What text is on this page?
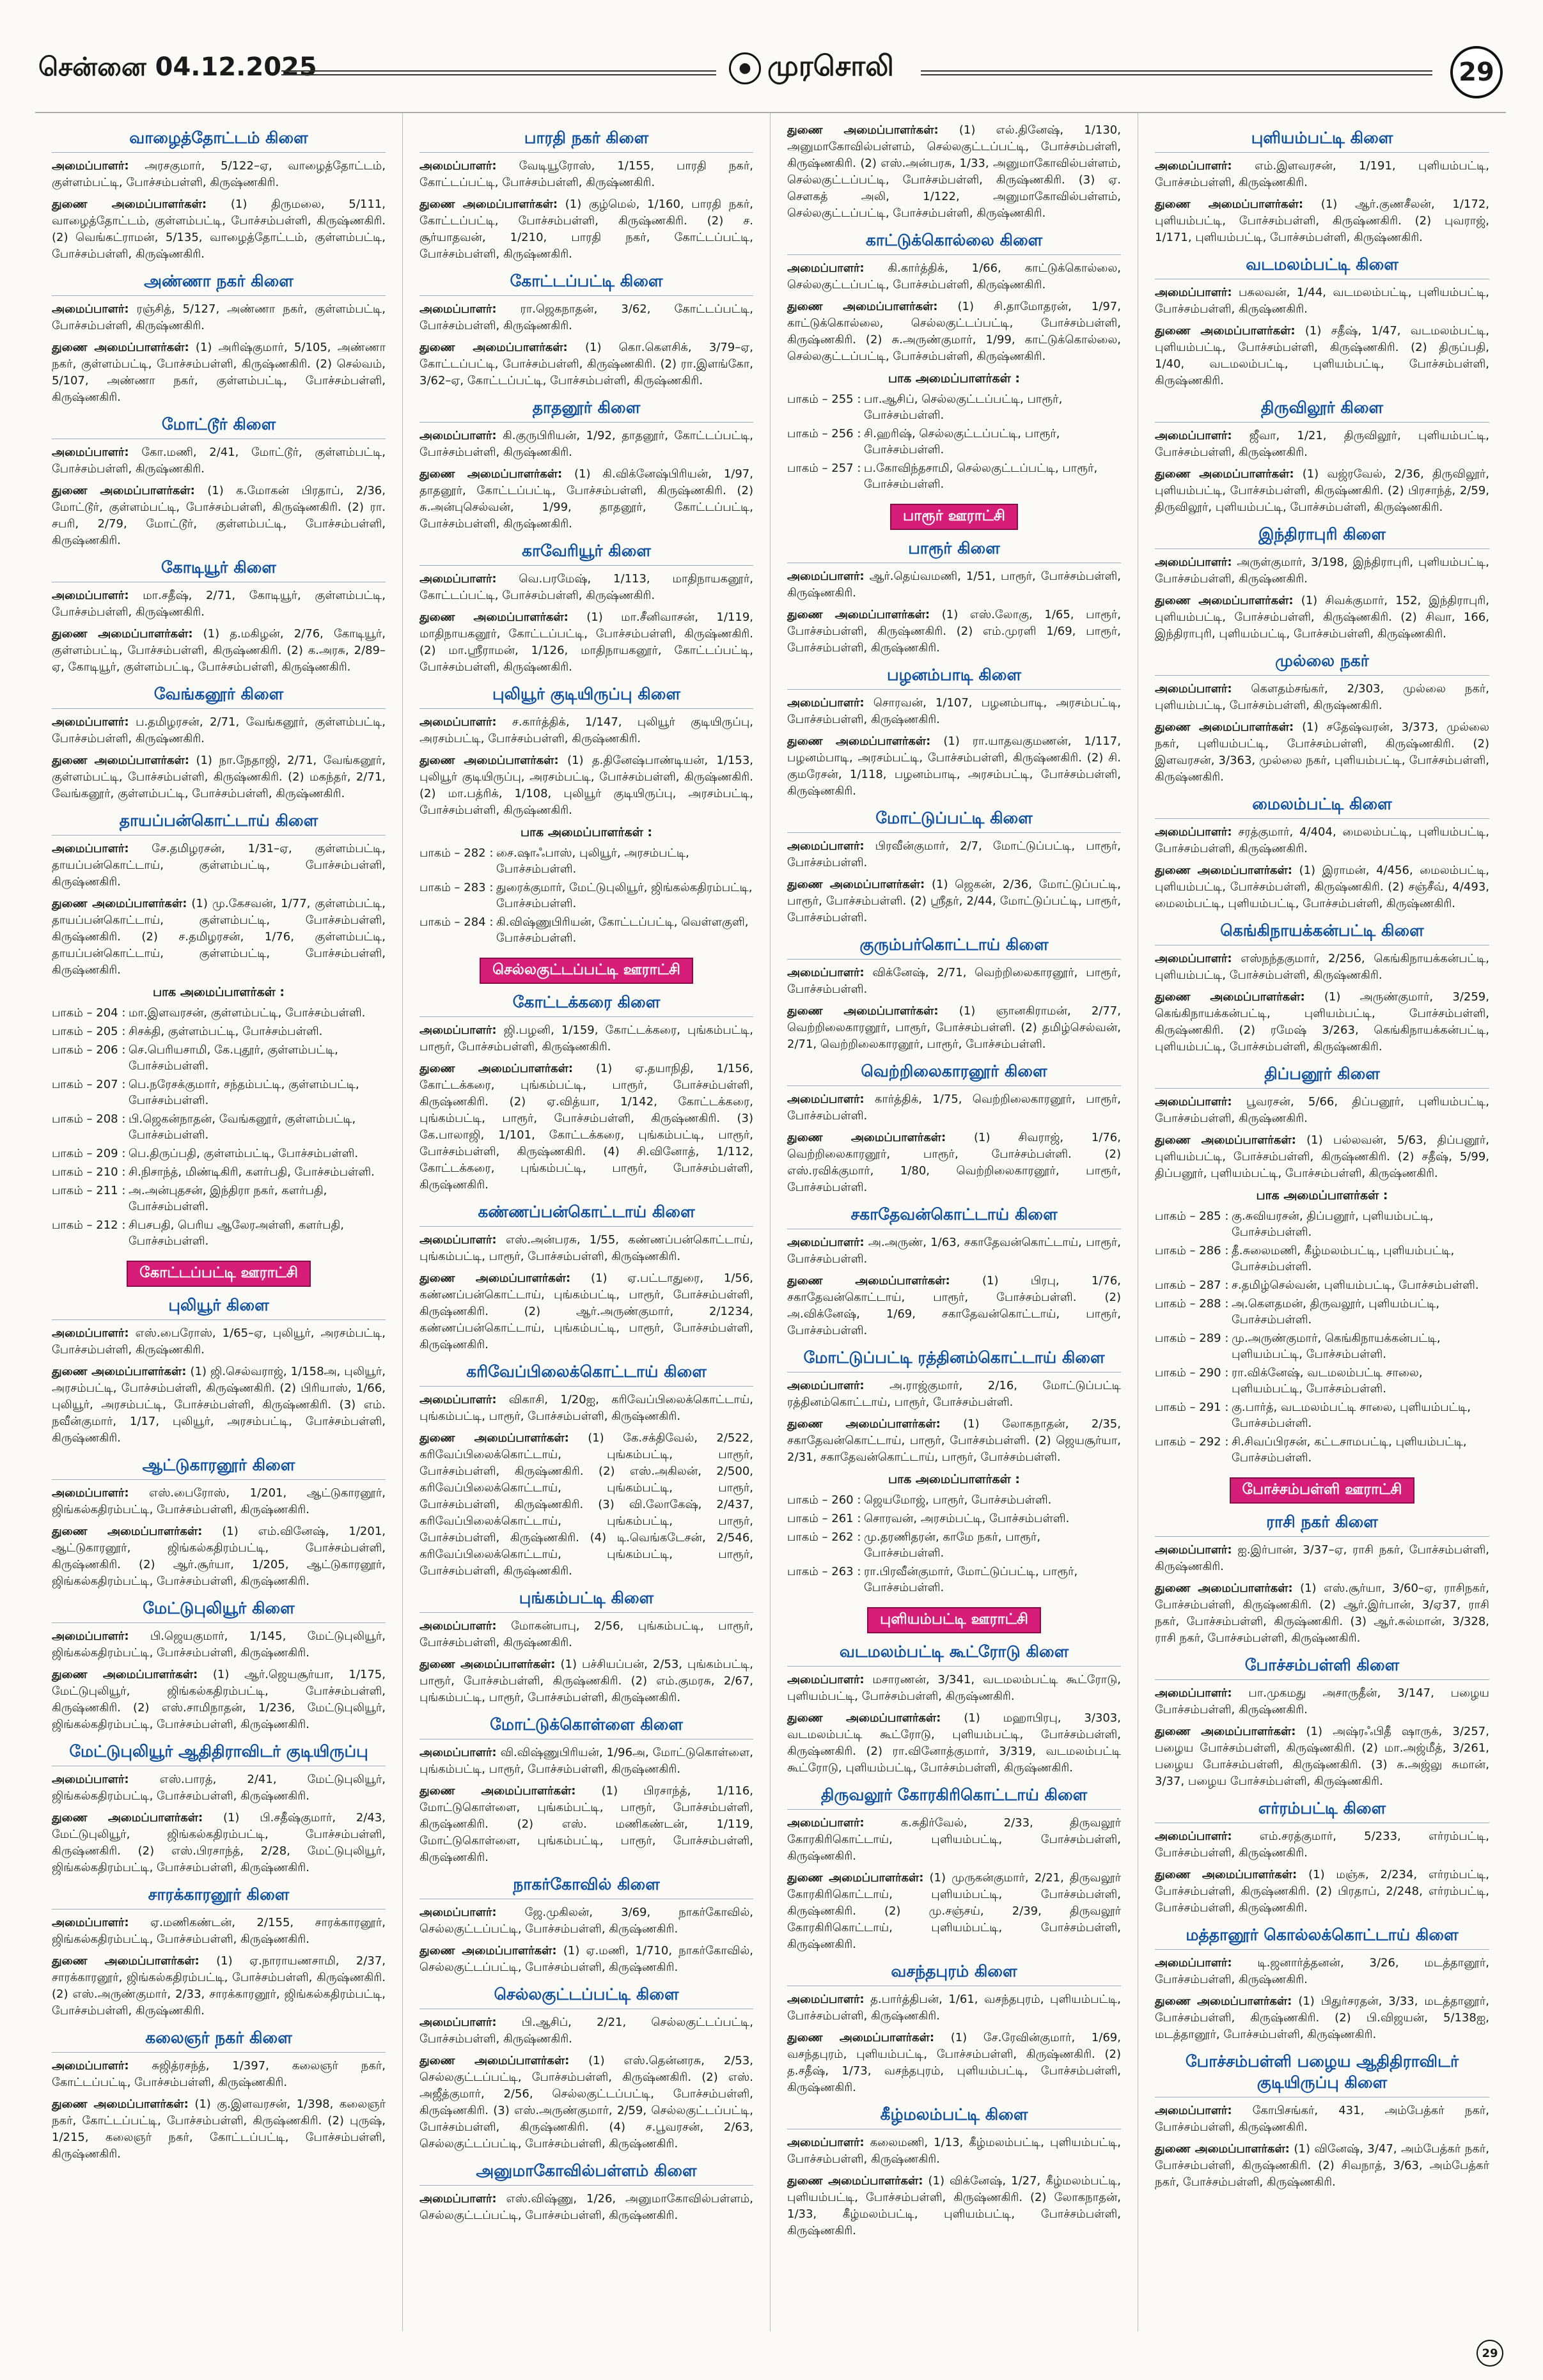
சென்னை 04.12.2025	● முரசொலி	29
வாழைத்தோட்டம் கிளை
அமைப்பாளர்: அரசகுமார், 5/122–ஏ, வாழைத்தோட்டம், குள்ளம்பட்டி, போச்சம்பள்ளி, கிருஷ்ணகிரி.
துணை அமைப்பாளர்கள்: (1) திருமலை, 5/111, வாழைத்தோட்டம், குள்ளம்பட்டி, போச்சம்பள்ளி, கிருஷ்ணகிரி. (2) வெங்கட்ராமன், 5/135, வாழைத்தோட்டம், குள்ளம்பட்டி, போச்சம்பள்ளி, கிருஷ்ணகிரி.
அண்ணா நகர் கிளை
அமைப்பாளர்: ரஞ்சித், 5/127, அண்ணா நகர், குள்ளம்பட்டி, போச்சம்பள்ளி, கிருஷ்ணகிரி.
துணை அமைப்பாளர்கள்: (1) அரிஷ்குமார், 5/105, அண்ணா நகர், குள்ளம்பட்டி, போச்சம்பள்ளி, கிருஷ்ணகிரி. (2) செல்வம், 5/107, அண்ணா நகர், குள்ளம்பட்டி, போச்சம்பள்ளி, கிருஷ்ணகிரி.
மோட்டூர் கிளை
அமைப்பாளர்: கோ.மணி, 2/41, மோட்டூர், குள்ளம்பட்டி, போச்சம்பள்ளி, கிருஷ்ணகிரி.
துணை அமைப்பாளர்கள்: (1) க.மோகன் பிரதாப், 2/36, மோட்டூர், குள்ளம்பட்டி, போச்சம்பள்ளி, கிருஷ்ணகிரி. (2) ரா. சபரி, 2/79, மோட்டூர், குள்ளம்பட்டி, போச்சம்பள்ளி, கிருஷ்ணகிரி.
கோடியூர் கிளை
அமைப்பாளர்: மா.சதீஷ், 2/71, கோடியூர், குள்ளம்பட்டி, போச்சம்பள்ளி, கிருஷ்ணகிரி.
துணை அமைப்பாளர்கள்: (1) த.மகிழன், 2/76, கோடியூர், குள்ளம்பட்டி, போச்சம்பள்ளி, கிருஷ்ணகிரி. (2) க.அரசு, 2/89–ஏ, கோடியூர், குள்ளம்பட்டி, போச்சம்பள்ளி, கிருஷ்ணகிரி.
வேங்கனூர் கிளை
அமைப்பாளர்: ப.தமிழரசன், 2/71, வேங்கனூர், குள்ளம்பட்டி, போச்சம்பள்ளி, கிருஷ்ணகிரி.
துணை அமைப்பாளர்கள்: (1) நா.நேதாஜி, 2/71, வேங்கனூர், குள்ளம்பட்டி, போச்சம்பள்ளி, கிருஷ்ணகிரி. (2) மகந்தர், 2/71, வேங்கனூர், குள்ளம்பட்டி, போச்சம்பள்ளி, கிருஷ்ணகிரி.
தாயப்பன்கொட்டாய் கிளை
அமைப்பாளர்: சே.தமிழரசன், 1/31–ஏ, குள்ளம்பட்டி, தாயப்பன்கொட்டாய், குள்ளம்பட்டி, போச்சம்பள்ளி, கிருஷ்ணகிரி.
துணை அமைப்பாளர்கள்: (1) மு.கேசவன், 1/77, குள்ளம்பட்டி, தாயப்பன்கொட்டாய், குள்ளம்பட்டி, போச்சம்பள்ளி, கிருஷ்ணகிரி. (2) ச.தமிழரசன், 1/76, குள்ளம்பட்டி, தாயப்பன்கொட்டாய், குள்ளம்பட்டி, போச்சம்பள்ளி, கிருஷ்ணகிரி.
பாக அமைப்பாளர்கள் :
பாகம் – 204 : மா.இளவரசன், குள்ளம்பட்டி, போச்சம்பள்ளி.
பாகம் – 205 : சிசக்தி, குள்ளம்பட்டி, போச்சம்பள்ளி.
பாகம் – 206 : செ.பெரியசாமி, கே.புதூர், குள்ளம்பட்டி, போச்சம்பள்ளி.
பாகம் – 207 : பெ.நரேசக்குமார், சந்தம்பட்டி, குள்ளம்பட்டி, போச்சம்பள்ளி.
பாகம் – 208 : பி.ஜெகன்நாதன், வேங்கனூர், குள்ளம்பட்டி, போச்சம்பள்ளி.
பாகம் – 209 : பெ.திருப்பதி, குள்ளம்பட்டி, போச்சம்பள்ளி.
பாகம் – 210 : சி.நிசாந்த், மிண்டிகிரி, களர்பதி, போச்சம்பள்ளி.
பாகம் – 211 : அ.அன்புதசன், இந்திரா நகர், களர்பதி, போச்சம்பள்ளி.
பாகம் – 212 : சிபசபதி, பெரிய ஆலேரஅள்ளி, களர்பதி, போச்சம்பள்ளி.
கோட்டப்பட்டி ஊராட்சி
புலியூர் கிளை
அமைப்பாளர்: எஸ்.பைரோஸ், 1/65–ஏ, புலியூர், அரசம்பட்டி, போச்சம்பள்ளி, கிருஷ்ணகிரி.
துணை அமைப்பாளர்கள்: (1) ஜி.செல்வராஜ், 1/158அ, புலியூர், அரசம்பட்டி, போச்சம்பள்ளி, கிருஷ்ணகிரி. (2) பிரியாஸ், 1/66, புலியூர், அரசம்பட்டி, போச்சம்பள்ளி, கிருஷ்ணகிரி. (3) எம். நவீன்குமார், 1/17, புலியூர், அரசம்பட்டி, போச்சம்பள்ளி, கிருஷ்ணகிரி.
ஆட்டுகாரனூர் கிளை
அமைப்பாளர்: எஸ்.பைரோஸ், 1/201, ஆட்டுகாரனூர், ஜிங்கல்கதிரம்பட்டி, போச்சம்பள்ளி, கிருஷ்ணகிரி.
துணை அமைப்பாளர்கள்: (1) எம்.வினேஷ், 1/201, ஆட்டுகாரனூர், ஜிங்கல்கதிரம்பட்டி, போச்சம்பள்ளி, கிருஷ்ணகிரி. (2) ஆர்.சூர்யா, 1/205, ஆட்டுகாரனூர், ஜிங்கல்கதிரம்பட்டி, போச்சம்பள்ளி, கிருஷ்ணகிரி.
மேட்டுபுலியூர் கிளை
அமைப்பாளர்: பி.ஜெயகுமார், 1/145, மேட்டுபுலியூர், ஜிங்கல்கதிரம்பட்டி, போச்சம்பள்ளி, கிருஷ்ணகிரி.
துணை அமைப்பாளர்கள்: (1) ஆர்.ஜெயசூர்யா, 1/175, மேட்டுபுலியூர், ஜிங்கல்கதிரம்பட்டி, போச்சம்பள்ளி, கிருஷ்ணகிரி. (2) எஸ்.சாமிநாதன், 1/236, மேட்டுபுலியூர், ஜிங்கல்கதிரம்பட்டி, போச்சம்பள்ளி, கிருஷ்ணகிரி.
மேட்டுபுலியூர் ஆதிதிராவிடர் குடியிருப்பு
அமைப்பாளர்:	எஸ்.பாரத், 2/41, மேட்டுபுலியூர், ஜிங்கல்கதிரம்பட்டி, போச்சம்பள்ளி, கிருஷ்ணகிரி.
துணை அமைப்பாளர்கள்: (1) பி.சதீஷ்குமார், 2/43, மேட்டுபுலியூர், ஜிங்கல்கதிரம்பட்டி, போச்சம்பள்ளி, கிருஷ்ணகிரி. (2) எஸ்.பிரசாந்த், 2/28, மேட்டுபுலியூர், ஜிங்கல்கதிரம்பட்டி, போச்சம்பள்ளி, கிருஷ்ணகிரி.
சாரக்காரனூர் கிளை
அமைப்பாளர்: ஏ.மணிகண்டன், 2/155, சாரக்காரனூர், ஜிங்கல்கதிரம்பட்டி, போச்சம்பள்ளி, கிருஷ்ணகிரி.
துணை அமைப்பாளர்கள்: (1) ஏ.நாராயணசாமி, 2/37, சாரக்காரனூர், ஜிங்கல்கதிரம்பட்டி, போச்சம்பள்ளி, கிருஷ்ணகிரி. (2) எஸ்.அருண்குமார், 2/33, சாரக்காரனூர், ஜிங்கல்கதிரம்பட்டி, போச்சம்பள்ளி, கிருஷ்ணகிரி.
கலைஞர் நகர் கிளை
அமைப்பாளர்: சுஜித்ரசந்த், 1/397, கலைஞர் நகர், கோட்டப்பட்டி, போச்சம்பள்ளி, கிருஷ்ணகிரி.
துணை அமைப்பாளர்கள்: (1) கு.இளவரசன், 1/398, கலைஞர் நகர், கோட்டப்பட்டி, போச்சம்பள்ளி, கிருஷ்ணகிரி. (2) புருஷ், 1/215, கலைஞர் நகர், கோட்டப்பட்டி, போச்சம்பள்ளி, கிருஷ்ணகிரி.
பாரதி நகர் கிளை
அமைப்பாளர்: வேடியூரோஸ், 1/155, பாரதி நகர், கோட்டப்பட்டி, போச்சம்பள்ளி, கிருஷ்ணகிரி.
துணை அமைப்பாளர்கள்: (1) குழ்மெல், 1/160, பாரதி நகர், கோட்டப்பட்டி, போச்சம்பள்ளி, கிருஷ்ணகிரி. (2) ச. சூர்யாதவன், 1/210, பாரதி நகர், கோட்டப்பட்டி, போச்சம்பள்ளி, கிருஷ்ணகிரி.
கோட்டப்பட்டி கிளை
அமைப்பாளர்: ரா.ஜெகநாதன், 3/62, கோட்டப்பட்டி, போச்சம்பள்ளி, கிருஷ்ணகிரி.
துணை அமைப்பாளர்கள்: (1) கொ.கௌசிக், 3/79–ஏ, கோட்டப்பட்டி, போச்சம்பள்ளி, கிருஷ்ணகிரி. (2) ரா.இளங்கோ, 3/62–ஏ, கோட்டப்பட்டி, போச்சம்பள்ளி, கிருஷ்ணகிரி.
தாதனூர் கிளை
அமைப்பாளர்: கி.குருபிரியன், 1/92, தாதனூர், கோட்டப்பட்டி, போச்சம்பள்ளி, கிருஷ்ணகிரி.
துணை அமைப்பாளர்கள்: (1) கி.விக்னேஷ்பிரியன், 1/97, தாதனூர், கோட்டப்பட்டி, போச்சம்பள்ளி, கிருஷ்ணகிரி. (2) சு.அன்புசெல்வன், 1/99, தாதனூர், கோட்டப்பட்டி, போச்சம்பள்ளி, கிருஷ்ணகிரி.
காவேரியூர் கிளை
அமைப்பாளர்: வெ.பரமேஷ், 1/113, மாதிநாயகனூர், கோட்டப்பட்டி, போச்சம்பள்ளி, கிருஷ்ணகிரி.
துணை அமைப்பாளர்கள்: (1) மா.சீனிவாசன், 1/119, மாதிநாயகனூர், கோட்டப்பட்டி, போச்சம்பள்ளி, கிருஷ்ணகிரி. (2) மா.ஸ்ரீராமன், 1/126, மாதிநாயகனூர், கோட்டப்பட்டி, போச்சம்பள்ளி, கிருஷ்ணகிரி.
புலியூர் குடியிருப்பு கிளை
அமைப்பாளர்: ச.கார்த்திக், 1/147, புலியூர் குடியிருப்பு, அரசம்பட்டி, போச்சம்பள்ளி, கிருஷ்ணகிரி.
துணை அமைப்பாளர்கள்: (1) த.தினேஷ்பாண்டியன், 1/153, புலியூர் குடியிருப்பு, அரசம்பட்டி, போச்சம்பள்ளி, கிருஷ்ணகிரி. (2) மா.பத்ரிக், 1/108, புலியூர் குடியிருப்பு, அரசம்பட்டி, போச்சம்பள்ளி, கிருஷ்ணகிரி.
பாக அமைப்பாளர்கள் :
பாகம் – 282 : சை.ஷாஃபாஸ், புலியூர், அரசம்பட்டி, போச்சம்பள்ளி.
பாகம் – 283 : துரைக்குமார், மேட்டுபுலியூர், ஜிங்கல்கதிரம்பட்டி, போச்சம்பள்ளி.
பாகம் – 284 : கி.விஷ்ணுபிரியன், கோட்டப்பட்டி, வெள்ளகுளி, போச்சம்பள்ளி.
செல்லகுட்டப்பட்டி ஊராட்சி
கோட்டக்கரை கிளை
அமைப்பாளர்: ஜி.பழனி, 1/159, கோட்டக்கரை, புங்கம்பட்டி, பாரூர், போச்சம்பள்ளி, கிருஷ்ணகிரி.
துணை அமைப்பாளர்கள்: (1) ஏ.தயாநிதி, 1/156, கோட்டக்கரை, புங்கம்பட்டி, பாரூர், போச்சம்பள்ளி, கிருஷ்ணகிரி. (2) ஏ.வித்யா, 1/142, கோட்டக்கரை, புங்கம்பட்டி, பாரூர், போச்சம்பள்ளி, கிருஷ்ணகிரி. (3) கே.பாலாஜி, 1/101, கோட்டக்கரை, புங்கம்பட்டி, பாரூர், போச்சம்பள்ளி, கிருஷ்ணகிரி. (4) சி.வினோத், 1/112, கோட்டக்கரை, புங்கம்பட்டி, பாரூர், போச்சம்பள்ளி, கிருஷ்ணகிரி.
கண்ணப்பன்கொட்டாய் கிளை
அமைப்பாளர்: எஸ்.அன்பரசு, 1/55, கண்ணப்பன்கொட்டாய், புங்கம்பட்டி, பாரூர், போச்சம்பள்ளி, கிருஷ்ணகிரி.
துணை அமைப்பாளர்கள்: (1) ஏ.பட்டாதுரை, 1/56, கண்ணப்பன்கொட்டாய், புங்கம்பட்டி, பாரூர், போச்சம்பள்ளி, கிருஷ்ணகிரி. (2) ஆர்.அருண்குமார், 2/1234, கண்ணப்பன்கொட்டாய், புங்கம்பட்டி, பாரூர், போச்சம்பள்ளி, கிருஷ்ணகிரி.
கரிவேப்பிலைக்கொட்டாய் கிளை
அமைப்பாளர்: விகாசி, 1/20ஐ, கரிவேப்பிலைக்கொட்டாய், புங்கம்பட்டி, பாரூர், போச்சம்பள்ளி, கிருஷ்ணகிரி.
துணை அமைப்பாளர்கள்: (1) கே.சக்திவேல், 2/522, கரிவேப்பிலைக்கொட்டாய், புங்கம்பட்டி, பாரூர், போச்சம்பள்ளி, கிருஷ்ணகிரி. (2) எஸ்.அகிலன், 2/500, கரிவேப்பிலைக்கொட்டாய், புங்கம்பட்டி, பாரூர், போச்சம்பள்ளி, கிருஷ்ணகிரி. (3) வி.லோகேஷ், 2/437, கரிவேப்பிலைக்கொட்டாய், புங்கம்பட்டி, பாரூர், போச்சம்பள்ளி, கிருஷ்ணகிரி. (4) டி.வெங்கடேசன், 2/546, கரிவேப்பிலைக்கொட்டாய், புங்கம்பட்டி, பாரூர், போச்சம்பள்ளி, கிருஷ்ணகிரி.
புங்கம்பட்டி கிளை
அமைப்பாளர்: மோகன்பாபு, 2/56, புங்கம்பட்டி, பாரூர், போச்சம்பள்ளி, கிருஷ்ணகிரி.
துணை அமைப்பாளர்கள்: (1) பச்சியப்பன், 2/53, புங்கம்பட்டி, பாரூர், போச்சம்பள்ளி, கிருஷ்ணகிரி. (2) எம்.குமரசு, 2/67, புங்கம்பட்டி, பாரூர், போச்சம்பள்ளி, கிருஷ்ணகிரி.
மோட்டுக்கொள்ளை கிளை
அமைப்பாளர்: வி.விஷ்ணுபிரியன், 1/96அ, மோட்டுகொள்ளை, புங்கம்பட்டி, பாரூர், போச்சம்பள்ளி, கிருஷ்ணகிரி.
துணை அமைப்பாளர்கள்: (1) பிரசாந்த், 1/116, மோட்டுகொள்ளை, புங்கம்பட்டி, பாரூர், போச்சம்பள்ளி, கிருஷ்ணகிரி. (2) எஸ். மணிகண்டன், 1/119, மோட்டுகொள்ளை, புங்கம்பட்டி, பாரூர், போச்சம்பள்ளி, கிருஷ்ணகிரி.
நாகர்கோவில் கிளை
அமைப்பாளர்: ஜே.முகிலன், 3/69, நாகர்கோவில், செல்லகுட்டப்பட்டி, போச்சம்பள்ளி, கிருஷ்ணகிரி.
துணை அமைப்பாளர்கள்: (1) ஏ.மணி, 1/710, நாகர்கோவில், செல்லகுட்டப்பட்டி, போச்சம்பள்ளி, கிருஷ்ணகிரி.
செல்லகுட்டப்பட்டி கிளை
அமைப்பாளர்: பி.ஆசிப், 2/21, செல்லகுட்டப்பட்டி, போச்சம்பள்ளி, கிருஷ்ணகிரி.
துணை அமைப்பாளர்கள்: (1) எஸ்.தென்னரசு, 2/53, செல்லகுட்டப்பட்டி, போச்சம்பள்ளி, கிருஷ்ணகிரி. (2) எஸ். அஜீத்குமார், 2/56, செல்லகுட்டப்பட்டி, போச்சம்பள்ளி, கிருஷ்ணகிரி. (3) எஸ்.அருண்குமார், 2/59, செல்லகுட்டப்பட்டி, போச்சம்பள்ளி, கிருஷ்ணகிரி. (4) ச.பூவரசன், 2/63, செல்லகுட்டப்பட்டி, போச்சம்பள்ளி, கிருஷ்ணகிரி.
அனுமாகோவில்பள்ளம் கிளை
அமைப்பாளர்: எஸ்.விஷ்ணு, 1/26, அனுமாகோவில்பள்ளம், செல்லகுட்டப்பட்டி, போச்சம்பள்ளி, கிருஷ்ணகிரி.
துணை அமைப்பாளர்கள்: (1) எல்.தினேஷ், 1/130, அனுமாகோவில்பள்ளம், செல்லகுட்டப்பட்டி, போச்சம்பள்ளி, கிருஷ்ணகிரி. (2) எஸ்.அன்பரசு, 1/33, அனுமாகோவில்பள்ளம், செல்லகுட்டப்பட்டி, போச்சம்பள்ளி, கிருஷ்ணகிரி. (3) ஏ. சௌகத் அலி, 1/122, அனுமாகோவில்பள்ளம், செல்லகுட்டப்பட்டி, போச்சம்பள்ளி, கிருஷ்ணகிரி.
காட்டுக்கொல்லை கிளை
அமைப்பாளர்: கி.கார்த்திக், 1/66, காட்டுக்கொல்லை, செல்லகுட்டப்பட்டி, போச்சம்பள்ளி, கிருஷ்ணகிரி.
துணை அமைப்பாளர்கள்: (1) சி.தாமோதரன், 1/97, காட்டுக்கொல்லை, செல்லகுட்டப்பட்டி, போச்சம்பள்ளி, கிருஷ்ணகிரி. (2) சு.அருண்குமார், 1/99, காட்டுக்கொல்லை, செல்லகுட்டப்பட்டி, போச்சம்பள்ளி, கிருஷ்ணகிரி.
பாக அமைப்பாளர்கள் :
பாகம் – 255 : பா.ஆசிப், செல்லகுட்டப்பட்டி, பாரூர், போச்சம்பள்ளி.
பாகம் – 256 : சி.ஹரிஷ், செல்லகுட்டப்பட்டி, பாரூர், போச்சம்பள்ளி.
பாகம் – 257 : ப.கோவிந்தசாமி, செல்லகுட்டப்பட்டி, பாரூர், போச்சம்பள்ளி.
பாரூர் ஊராட்சி
பாரூர் கிளை
அமைப்பாளர்: ஆர்.தெய்வமணி, 1/51, பாரூர், போச்சம்பள்ளி, கிருஷ்ணகிரி.
துணை அமைப்பாளர்கள்: (1) எஸ்.லோகு, 1/65, பாரூர், போச்சம்பள்ளி, கிருஷ்ணகிரி. (2) எம்.முரளி 1/69, பாரூர், போச்சம்பள்ளி, கிருஷ்ணகிரி.
பழனம்பாடி கிளை
அமைப்பாளர்: சொரவன், 1/107, பழனம்பாடி, அரசம்பட்டி, போச்சம்பள்ளி, கிருஷ்ணகிரி.
துணை அமைப்பாளர்கள்: (1) ரா.யாதவகுமணன், 1/117, பழனம்பாடி, அரசம்பட்டி, போச்சம்பள்ளி, கிருஷ்ணகிரி. (2) சி. குமரேசன், 1/118, பழனம்பாடி, அரசம்பட்டி, போச்சம்பள்ளி, கிருஷ்ணகிரி.
மோட்டுப்பட்டி கிளை
அமைப்பாளர்: பிரவீன்குமார், 2/7, மோட்டுப்பட்டி, பாரூர், போச்சம்பள்ளி.
துணை அமைப்பாளர்கள்: (1) ஜெகன், 2/36, மோட்டுப்பட்டி, பாரூர், போச்சம்பள்ளி. (2) ஸ்ரீதர், 2/44, மோட்டுப்பட்டி, பாரூர், போச்சம்பள்ளி.
குரும்பர்கொட்டாய் கிளை
அமைப்பாளர்: விக்னேஷ், 2/71, வெற்றிலைகாரனூர், பாரூர், போச்சம்பள்ளி.
துணை அமைப்பாளர்கள்: (1) ஞானகிராமன், 2/77, வெற்றிலைகாரனூர், பாரூர், போச்சம்பள்ளி. (2) தமிழ்செல்வன், 2/71, வெற்றிலைகாரனூர், பாரூர், போச்சம்பள்ளி.
வெற்றிலைகாரனூர் கிளை
அமைப்பாளர்: கார்த்திக், 1/75, வெற்றிலைகாரனூர், பாரூர், போச்சம்பள்ளி.
துணை அமைப்பாளர்கள்: (1) சிவராஜ், 1/76, வெற்றிலைகாரனூர், பாரூர், போச்சம்பள்ளி. (2) எஸ்.ரவிக்குமார், 1/80, வெற்றிலைகாரனூர், பாரூர், போச்சம்பள்ளி.
சகாதேவன்கொட்டாய் கிளை
அமைப்பாளர்: அ.அருண், 1/63, சகாதேவன்கொட்டாய், பாரூர், போச்சம்பள்ளி.
துணை அமைப்பாளர்கள்:	(1) பிரபு, 1/76, சகாதேவன்கொட்டாய், பாரூர், போச்சம்பள்ளி. (2) அ.விக்னேஷ், 1/69, சகாதேவன்கொட்டாய், பாரூர், போச்சம்பள்ளி.
மோட்டுப்பட்டி ரத்தினம்கொட்டாய் கிளை
அமைப்பாளர்: அ.ராஜ்குமார், 2/16, மோட்டுப்பட்டி ரத்தினம்கொட்டாய், பாரூர், போச்சம்பள்ளி.
துணை அமைப்பாளர்கள்: (1) லோகநாதன், 2/35, சகாதேவன்கொட்டாய், பாரூர், போச்சம்பள்ளி. (2) ஜெயசூர்யா, 2/31, சகாதேவன்கொட்டாய், பாரூர், போச்சம்பள்ளி.
பாக அமைப்பாளர்கள் :
பாகம் – 260 : ஜெயமோஜ், பாரூர், போச்சம்பள்ளி.
பாகம் – 261 : சொரவன், அரசம்பட்டி, போச்சம்பள்ளி.
பாகம் – 262 : மு.தரணிதரன், காமே நகர், பாரூர், போச்சம்பள்ளி.
பாகம் – 263 : ரா.பிரவீன்குமார், மோட்டுப்பட்டி, பாரூர், போச்சம்பள்ளி.
புளியம்பட்டி ஊராட்சி
வடமலம்பட்டி கூட்ரோடு கிளை
அமைப்பாளர்: மசாரணன், 3/341, வடமலம்பட்டி கூட்ரோடு, புளியம்பட்டி, போச்சம்பள்ளி, கிருஷ்ணகிரி.
துணை அமைப்பாளர்கள்: (1) மஹாபிரபு, 3/303, வடமலம்பட்டி கூட்ரோடு, புளியம்பட்டி, போச்சம்பள்ளி, கிருஷ்ணகிரி. (2) ரா.வினோத்குமார், 3/319, வடமலம்பட்டி கூட்ரோடு, புளியம்பட்டி, போச்சம்பள்ளி, கிருஷ்ணகிரி.
திருவலூர் கோரகிரிகொட்டாய் கிளை
அமைப்பாளர்:	க.சுதிர்வேல், 2/33, திருவலூர் கோரகிரிகொட்டாய், புளியம்பட்டி, போச்சம்பள்ளி, கிருஷ்ணகிரி.
துணை அமைப்பாளர்கள்: (1) முருகன்குமார், 2/21, திருவலூர் கோரகிரிகொட்டாய், புளியம்பட்டி, போச்சம்பள்ளி, கிருஷ்ணகிரி. (2) மு.சஞ்சய், 2/39, திருவலூர் கோரகிரிகொட்டாய், புளியம்பட்டி, போச்சம்பள்ளி, கிருஷ்ணகிரி.
வசந்தபுரம் கிளை
அமைப்பாளர்: த.பார்த்திபன், 1/61, வசந்தபுரம், புளியம்பட்டி, போச்சம்பள்ளி, கிருஷ்ணகிரி.
துணை அமைப்பாளர்கள்: (1) சே.ரேவின்குமார், 1/69, வசந்தபுரம், புளியம்பட்டி, போச்சம்பள்ளி, கிருஷ்ணகிரி. (2) த.சதீஷ், 1/73, வசந்தபுரம், புளியம்பட்டி, போச்சம்பள்ளி, கிருஷ்ணகிரி.
கீழ்மலம்பட்டி கிளை
அமைப்பாளர்: கலைமணி, 1/13, கீழ்மலம்பட்டி, புளியம்பட்டி, போச்சம்பள்ளி, கிருஷ்ணகிரி.
துணை அமைப்பாளர்கள்: (1) விக்னேஷ், 1/27, கீழ்மலம்பட்டி, புளியம்பட்டி, போச்சம்பள்ளி, கிருஷ்ணகிரி. (2) லோகநாதன், 1/33, கீழ்மலம்பட்டி, புளியம்பட்டி, போச்சம்பள்ளி, கிருஷ்ணகிரி.
புளியம்பட்டி கிளை
அமைப்பாளர்: எம்.இளவரசன், 1/191, புளியம்பட்டி, போச்சம்பள்ளி, கிருஷ்ணகிரி.
துணை அமைப்பாளர்கள்: (1) ஆர்.குணசீலன், 1/172, புளியம்பட்டி, போச்சம்பள்ளி, கிருஷ்ணகிரி. (2) புவராஜ், 1/171, புளியம்பட்டி, போச்சம்பள்ளி, கிருஷ்ணகிரி.
வடமலம்பட்டி கிளை
அமைப்பாளர்: பசுலவன், 1/44, வடமலம்பட்டி, புளியம்பட்டி, போச்சம்பள்ளி, கிருஷ்ணகிரி.
துணை அமைப்பாளர்கள்: (1) சதீஷ், 1/47, வடமலம்பட்டி, புளியம்பட்டி, போச்சம்பள்ளி, கிருஷ்ணகிரி. (2) திருப்பதி, 1/40, வடமலம்பட்டி, புளியம்பட்டி, போச்சம்பள்ளி, கிருஷ்ணகிரி.
திருவிலூர் கிளை
அமைப்பாளர்: ஜீவா, 1/21, திருவிலூர், புளியம்பட்டி, போச்சம்பள்ளி, கிருஷ்ணகிரி.
துணை அமைப்பாளர்கள்: (1) வஜ்ரவேல், 2/36, திருவிலூர், புளியம்பட்டி, போச்சம்பள்ளி, கிருஷ்ணகிரி. (2) பிரசாந்த், 2/59, திருவிலூர், புளியம்பட்டி, போச்சம்பள்ளி, கிருஷ்ணகிரி.
இந்திராபுரி கிளை
அமைப்பாளர்: அருள்குமார், 3/198, இந்திராபுரி, புளியம்பட்டி, போச்சம்பள்ளி, கிருஷ்ணகிரி.
துணை அமைப்பாளர்கள்: (1) சிவக்குமார், 152, இந்திராபுரி, புளியம்பட்டி, போச்சம்பள்ளி, கிருஷ்ணகிரி. (2) சிவா, 166, இந்திராபுரி, புளியம்பட்டி, போச்சம்பள்ளி, கிருஷ்ணகிரி.
முல்லை நகர்
அமைப்பாளர்: கௌதம்சங்கர், 2/303, முல்லை நகர், புளியம்பட்டி, போச்சம்பள்ளி, கிருஷ்ணகிரி.
துணை அமைப்பாளர்கள்: (1) சதேஷ்வரன், 3/373, முல்லை நகர், புளியம்பட்டி, போச்சம்பள்ளி, கிருஷ்ணகிரி. (2) இளவரசன், 3/363, முல்லை நகர், புளியம்பட்டி, போச்சம்பள்ளி, கிருஷ்ணகிரி.
மைலம்பட்டி கிளை
அமைப்பாளர்: சரத்குமார், 4/404, மைலம்பட்டி, புளியம்பட்டி, போச்சம்பள்ளி, கிருஷ்ணகிரி.
துணை அமைப்பாளர்கள்: (1) இராமன், 4/456, மைலம்பட்டி, புளியம்பட்டி, போச்சம்பள்ளி, கிருஷ்ணகிரி. (2) சஞ்சீவ், 4/493, மைலம்பட்டி, புளியம்பட்டி, போச்சம்பள்ளி, கிருஷ்ணகிரி.
கெங்கிநாயக்கன்பட்டி கிளை
அமைப்பாளர்: எஸ்நந்தகுமார், 2/256, கெங்கிநாயக்கன்பட்டி, புளியம்பட்டி, போச்சம்பள்ளி, கிருஷ்ணகிரி.
துணை அமைப்பாளர்கள்: (1) அருண்குமார், 3/259, கெங்கிநாயக்கன்பட்டி, புளியம்பட்டி, போச்சம்பள்ளி, கிருஷ்ணகிரி. (2) ரமேஷ் 3/263, கெங்கிநாயக்கன்பட்டி, புளியம்பட்டி, போச்சம்பள்ளி, கிருஷ்ணகிரி.
திப்பனூர் கிளை
அமைப்பாளர்: பூவரசன், 5/66, திப்பனூர், புளியம்பட்டி, போச்சம்பள்ளி, கிருஷ்ணகிரி.
துணை அமைப்பாளர்கள்: (1) பல்லவன், 5/63, திப்பனூர், புளியம்பட்டி, போச்சம்பள்ளி, கிருஷ்ணகிரி. (2) சதீஷ், 5/99, திப்பனூர், புளியம்பட்டி, போச்சம்பள்ளி, கிருஷ்ணகிரி.
பாக அமைப்பாளர்கள் :
பாகம் – 285 : கு.சுவியரசன், திப்பனூர், புளியம்பட்டி, போச்சம்பள்ளி.
பாகம் – 286 : தீ.சுலைமணி, கீழ்மலம்பட்டி, புளியம்பட்டி, போச்சம்பள்ளி.
பாகம் – 287 : ச.தமிழ்செல்வன், புளியம்பட்டி, போச்சம்பள்ளி.
பாகம் – 288 : அ.கௌதமன், திருவலூர், புளியம்பட்டி, போச்சம்பள்ளி.
பாகம் – 289 : மு.அருண்குமார், கெங்கிநாயக்கன்பட்டி, புளியம்பட்டி, போச்சம்பள்ளி.
பாகம் – 290 : ரா.விக்னேஷ், வடமலம்பட்டி சாலை, புளியம்பட்டி, போச்சம்பள்ளி.
பாகம் – 291 : கு.பார்த், வடமலம்பட்டி சாலை, புளியம்பட்டி, போச்சம்பள்ளி.
பாகம் – 292 : சி.சிவப்பிரசன், கட்டசாமபட்டி, புளியம்பட்டி, போச்சம்பள்ளி.
போச்சம்பள்ளி ஊராட்சி
ராசி நகர் கிளை
அமைப்பாளர்: ஐ.இர்பான், 3/37–ஏ, ராசி நகர், போச்சம்பள்ளி, கிருஷ்ணகிரி.
துணை அமைப்பாளர்கள்: (1) எஸ்.சூர்யா, 3/60–ஏ, ராசிநகர், போச்சம்பள்ளி, கிருஷ்ணகிரி. (2) ஆர்.இர்பான், 3/ஏ37, ராசி நகர், போச்சம்பள்ளி, கிருஷ்ணகிரி. (3) ஆர்.சுல்மான், 3/328, ராசி நகர், போச்சம்பள்ளி, கிருஷ்ணகிரி.
போச்சம்பள்ளி கிளை
அமைப்பாளர்: பா.முகமது அசாருதீன், 3/147, பழைய போச்சம்பள்ளி, கிருஷ்ணகிரி.
துணை அமைப்பாளர்கள்: (1) அஷ்ரஃபிதீ ஷாருக், 3/257, பழைய போச்சம்பள்ளி, கிருஷ்ணகிரி. (2) மா.அஜ்மீத், 3/261, பழைய போச்சம்பள்ளி, கிருஷ்ணகிரி. (3) சு.அஜ்லு சுமான், 3/37, பழைய போச்சம்பள்ளி, கிருஷ்ணகிரி.
எர்ரம்பட்டி கிளை
அமைப்பாளர்: எம்.சரத்குமார், 5/233, எர்ரம்பட்டி, போச்சம்பள்ளி, கிருஷ்ணகிரி.
துணை அமைப்பாளர்கள்: (1) மஞ்சு, 2/234, எர்ரம்பட்டி, போச்சம்பள்ளி, கிருஷ்ணகிரி. (2) பிரதாப், 2/248, எர்ரம்பட்டி, போச்சம்பள்ளி, கிருஷ்ணகிரி.
மத்தானூர் கொல்லக்கொட்டாய் கிளை
அமைப்பாளர்: டி.ஜனார்த்தனன், 3/26, மடத்தானூர், போச்சம்பள்ளி, கிருஷ்ணகிரி.
துணை அமைப்பாளர்கள்: (1) பிதுர்சரதன், 3/33, மடத்தானூர், போச்சம்பள்ளி, கிருஷ்ணகிரி. (2) பி.விஜயன், 5/138ஐ, மடத்தானூர், போச்சம்பள்ளி, கிருஷ்ணகிரி.
போச்சம்பள்ளி பழைய ஆதிதிராவிடர் குடியிருப்பு கிளை
அமைப்பாளர்: கோபிசங்கர், 431, அம்பேத்கர் நகர், போச்சம்பள்ளி, கிருஷ்ணகிரி.
துணை அமைப்பாளர்கள்: (1) வினேஷ், 3/47, அம்பேத்கர் நகர், போச்சம்பள்ளி, கிருஷ்ணகிரி. (2) சிவநாத், 3/63, அம்பேத்கர் நகர், போச்சம்பள்ளி, கிருஷ்ணகிரி.
29
